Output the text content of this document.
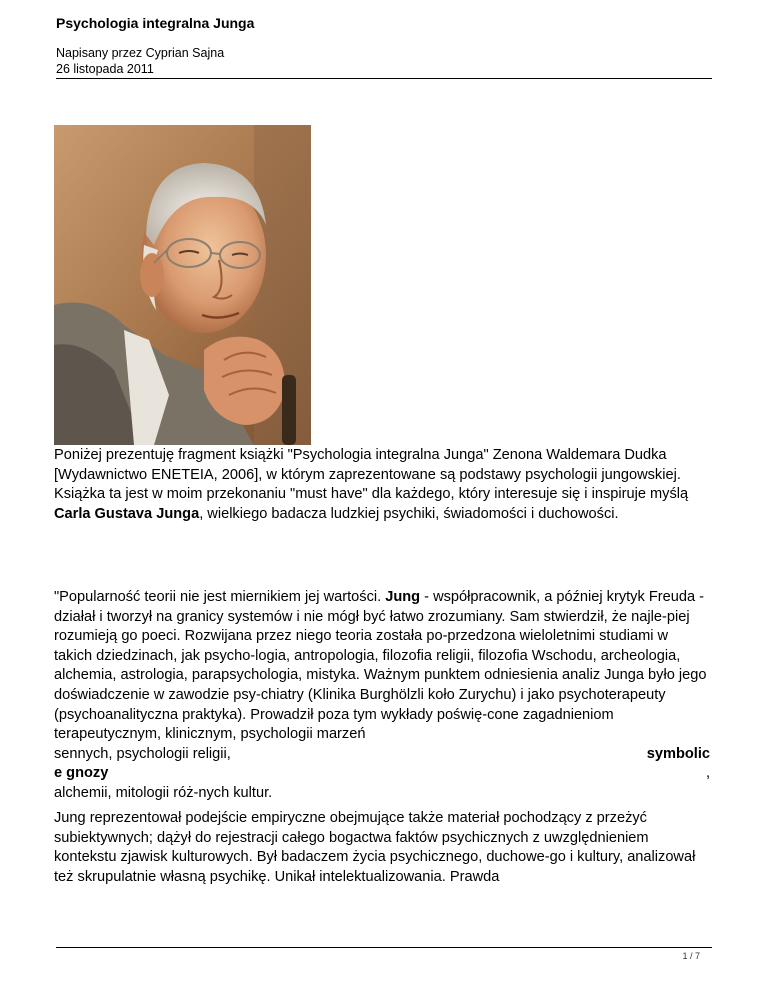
Psychologia integralna Junga
Napisany przez Cyprian Sajna
26 listopada 2011
Poniżej prezentuję fragment książki "Psychologia integralna Junga" Zenona Waldemara Dudka [Wydawnictwo ENETEIA, 2006], w którym zaprezentowane są podstawy psychologii jungowskiej. Książka ta jest w moim przekonaniu "must have" dla każdego, który interesuje się i inspiruje myślą Carla Gustava Junga, wielkiego badacza ludzkiej psychiki, świadomości i duchowości.

"Popularność teorii nie jest miernikiem jej wartości. Jung - współpracownik, a później krytyk Freuda - działał i tworzył na granicy systemów i nie mógł być łatwo zrozumiany. Sam stwierdził, że najle-piej rozumieją go poeci. Rozwijana przez niego teoria została po-przedzona wieloletnimi studiami w takich dziedzinach, jak psycho-logia, antropologia, filozofia religii, filozofia Wschodu, archeologia, alchemia, astrologia, parapsychologia, mistyka. Ważnym punktem odniesienia analiz Junga było jego doświadczenie w zawodzie psy-chiatry (Klinika Burghölzli koło Zurychu) i jako psychoterapeuty (psychoanalityczna praktyka). Prowadził poza tym wykłady poświę-cone zagadnieniom terapeutycznym, klinicznym, psychologii marzeń

sennych, psychologii religii,	symbolic
e gnozy	,

alchemii, mitologii róż-nych kultur.

Jung reprezentował podejście empiryczne obejmujące także materiał pochodzący z przeżyć subiektywnych; dążył do rejestracji całego bogactwa faktów psychicznych z uwzględnieniem kontekstu zjawisk kulturowych. Był badaczem życia psychicznego, duchowe-go i kultury, analizował też skrupulatnie własną psychikę. Unikał intelektualizowania. Prawda
1 / 7
